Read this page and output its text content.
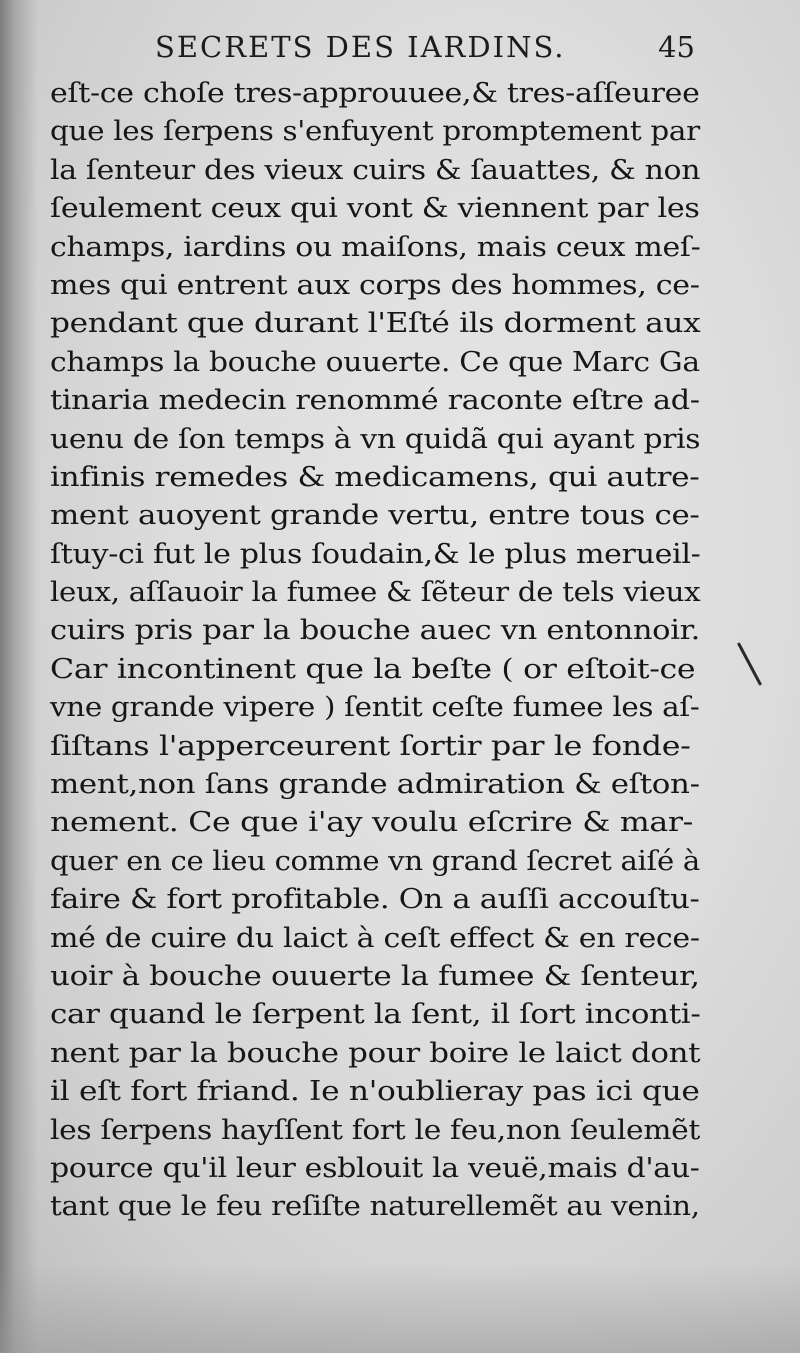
SECRETS DES IARDINS.	45
eſt-ce choſe tres-approuuee,& tres-aſſeuree
que les ſerpens s'enfuyent promptement par
la ſenteur des vieux cuirs & ſauattes, & non
ſeulement ceux qui vont & viennent par les
champs, iardins ou maiſons, mais ceux meſ-
mes qui entrent aux corps des hommes, ce-
pendant que durant l'Eſté ils dorment aux
champs la bouche ouuerte. Ce que Marc Ga
tinaria medecin renommé raconte eſtre ad-
uenu de ſon temps à vn quidã qui ayant pris
infinis remedes & medicamens, qui autre-
ment auoyent grande vertu, entre tous ce-
ſtuy-ci fut le plus ſoudain,& le plus merueil-
leux, aſſauoir la fumee & ſẽteur de tels vieux
cuirs pris par la bouche auec vn entonnoir.
Car incontinent que la beſte ( or eſtoit-ce
vne grande vipere ) ſentit ceſte fumee les aſ-
ſiſtans l'apperceurent ſortir par le fonde-
ment,non ſans grande admiration & eſton-
nement. Ce que i'ay voulu eſcrire & mar-
quer en ce lieu comme vn grand ſecret aiſé à
faire & fort profitable. On a auſſi accouſtu-
mé de cuire du laict à ceſt effect & en rece-
uoir à bouche ouuerte la fumee & ſenteur,
car quand le ſerpent la ſent, il ſort inconti-
nent par la bouche pour boire le laict dont
il eſt fort friand. Ie n'oublieray pas ici que
les ſerpens hayſſent fort le feu,non ſeulemẽt
pource qu'il leur esblouit la veuë,mais d'au-
tant que le feu reſiſte naturellemẽt au venin,
